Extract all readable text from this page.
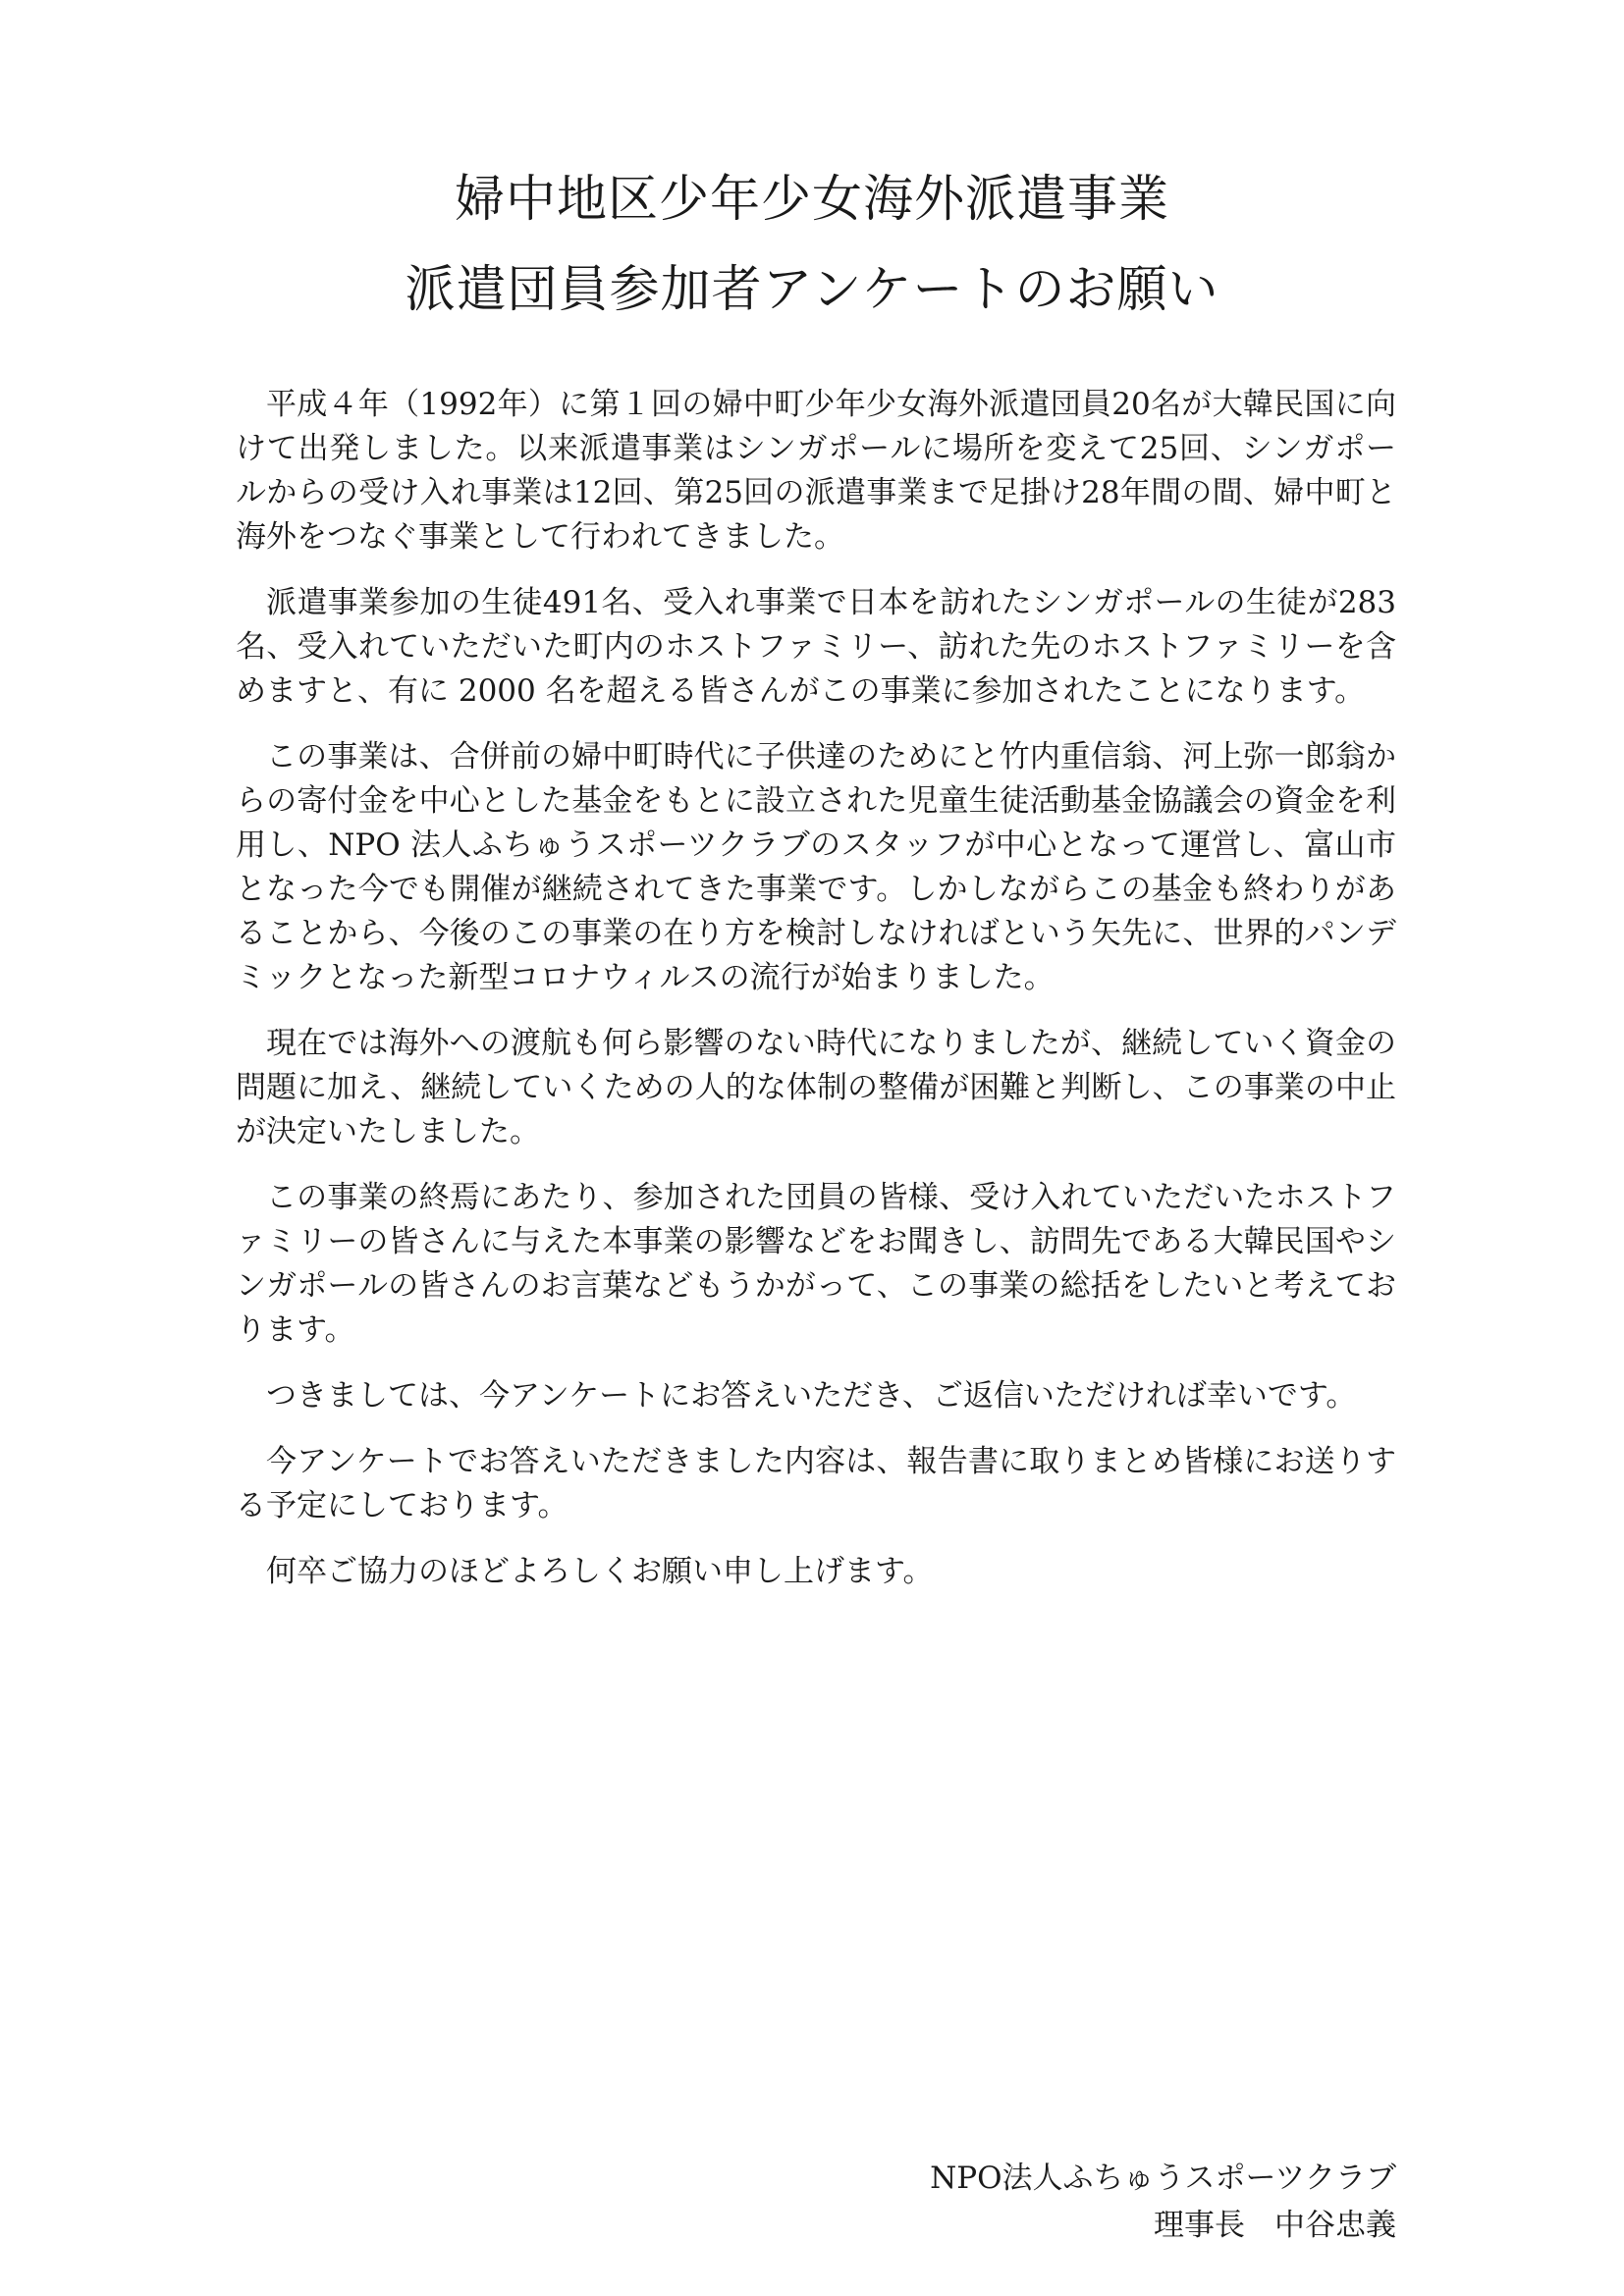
婦中地区少年少女海外派遣事業
派遣団員参加者アンケートのお願い

平成４年（1992年）に第１回の婦中町少年少女海外派遣団員20名が大韓民国に向けて出発しました。以来派遣事業はシンガポールに場所を変えて25回、シンガポールからの受け入れ事業は12回、第25回の派遣事業まで足掛け28年間の間、婦中町と海外をつなぐ事業として行われてきました。

派遣事業参加の生徒491名、受入れ事業で日本を訪れたシンガポールの生徒が283名、受入れていただいた町内のホストファミリー、訪れた先のホストファミリーを含めますと、有に 2000 名を超える皆さんがこの事業に参加されたことになります。

この事業は、合併前の婦中町時代に子供達のためにと竹内重信翁、河上弥一郎翁からの寄付金を中心とした基金をもとに設立された児童生徒活動基金協議会の資金を利用し、NPO 法人ふちゅうスポーツクラブのスタッフが中心となって運営し、富山市となった今でも開催が継続されてきた事業です。しかしながらこの基金も終わりがあることから、今後のこの事業の在り方を検討しなければという矢先に、世界的パンデミックとなった新型コロナウィルスの流行が始まりました。

現在では海外への渡航も何ら影響のない時代になりましたが、継続していく資金の問題に加え、継続していくための人的な体制の整備が困難と判断し、この事業の中止が決定いたしました。

この事業の終焉にあたり、参加された団員の皆様、受け入れていただいたホストファミリーの皆さんに与えた本事業の影響などをお聞きし、訪問先である大韓民国やシンガポールの皆さんのお言葉などもうかがって、この事業の総括をしたいと考えております。

つきましては、今アンケートにお答えいただき、ご返信いただければ幸いです。

今アンケートでお答えいただきました内容は、報告書に取りまとめ皆様にお送りする予定にしております。

何卒ご協力のほどよろしくお願い申し上げます。

NPO法人ふちゅうスポーツクラブ
理事長 中谷忠義
